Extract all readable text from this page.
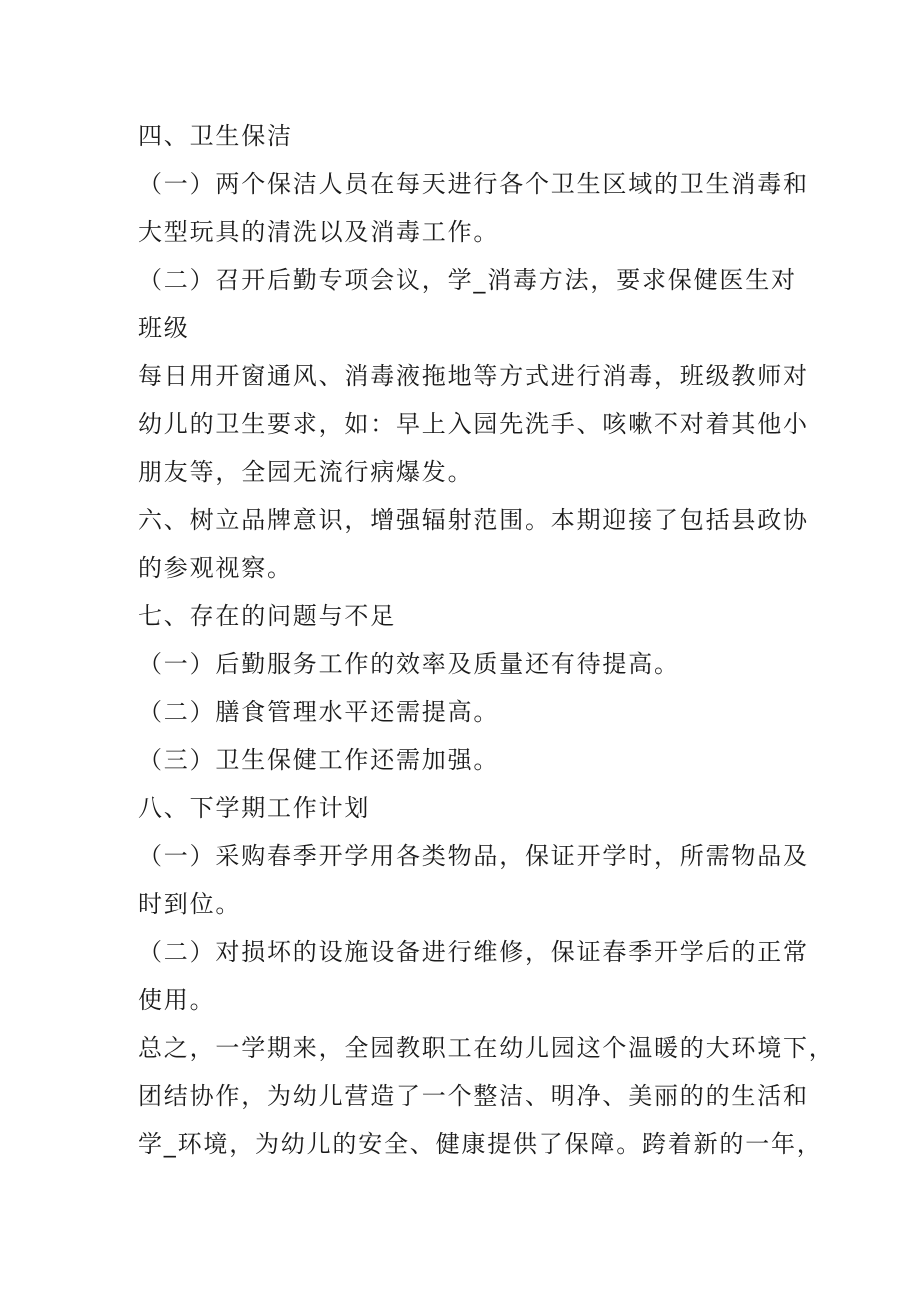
四、卫生保洁
（一）两个保洁人员在每天进行各个卫生区域的卫生消毒和
大型玩具的清洗以及消毒工作。
（二）召开后勤专项会议，学_消毒方法，要求保健医生对
班级
每日用开窗通风、消毒液拖地等方式进行消毒，班级教师对
幼儿的卫生要求，如：早上入园先洗手、咳嗽不对着其他小
朋友等，全园无流行病爆发。
六、树立品牌意识，增强辐射范围。本期迎接了包括县政协
的参观视察。
七、存在的问题与不足
（一）后勤服务工作的效率及质量还有待提高。
（二）膳食管理水平还需提高。
（三）卫生保健工作还需加强。
八、下学期工作计划
（一）采购春季开学用各类物品，保证开学时，所需物品及
时到位。
（二）对损坏的设施设备进行维修，保证春季开学后的正常
使用。
总之，一学期来，全园教职工在幼儿园这个温暖的大环境下，
团结协作，为幼儿营造了一个整洁、明净、美丽的的生活和
学_环境，为幼儿的安全、健康提供了保障。跨着新的一年，
